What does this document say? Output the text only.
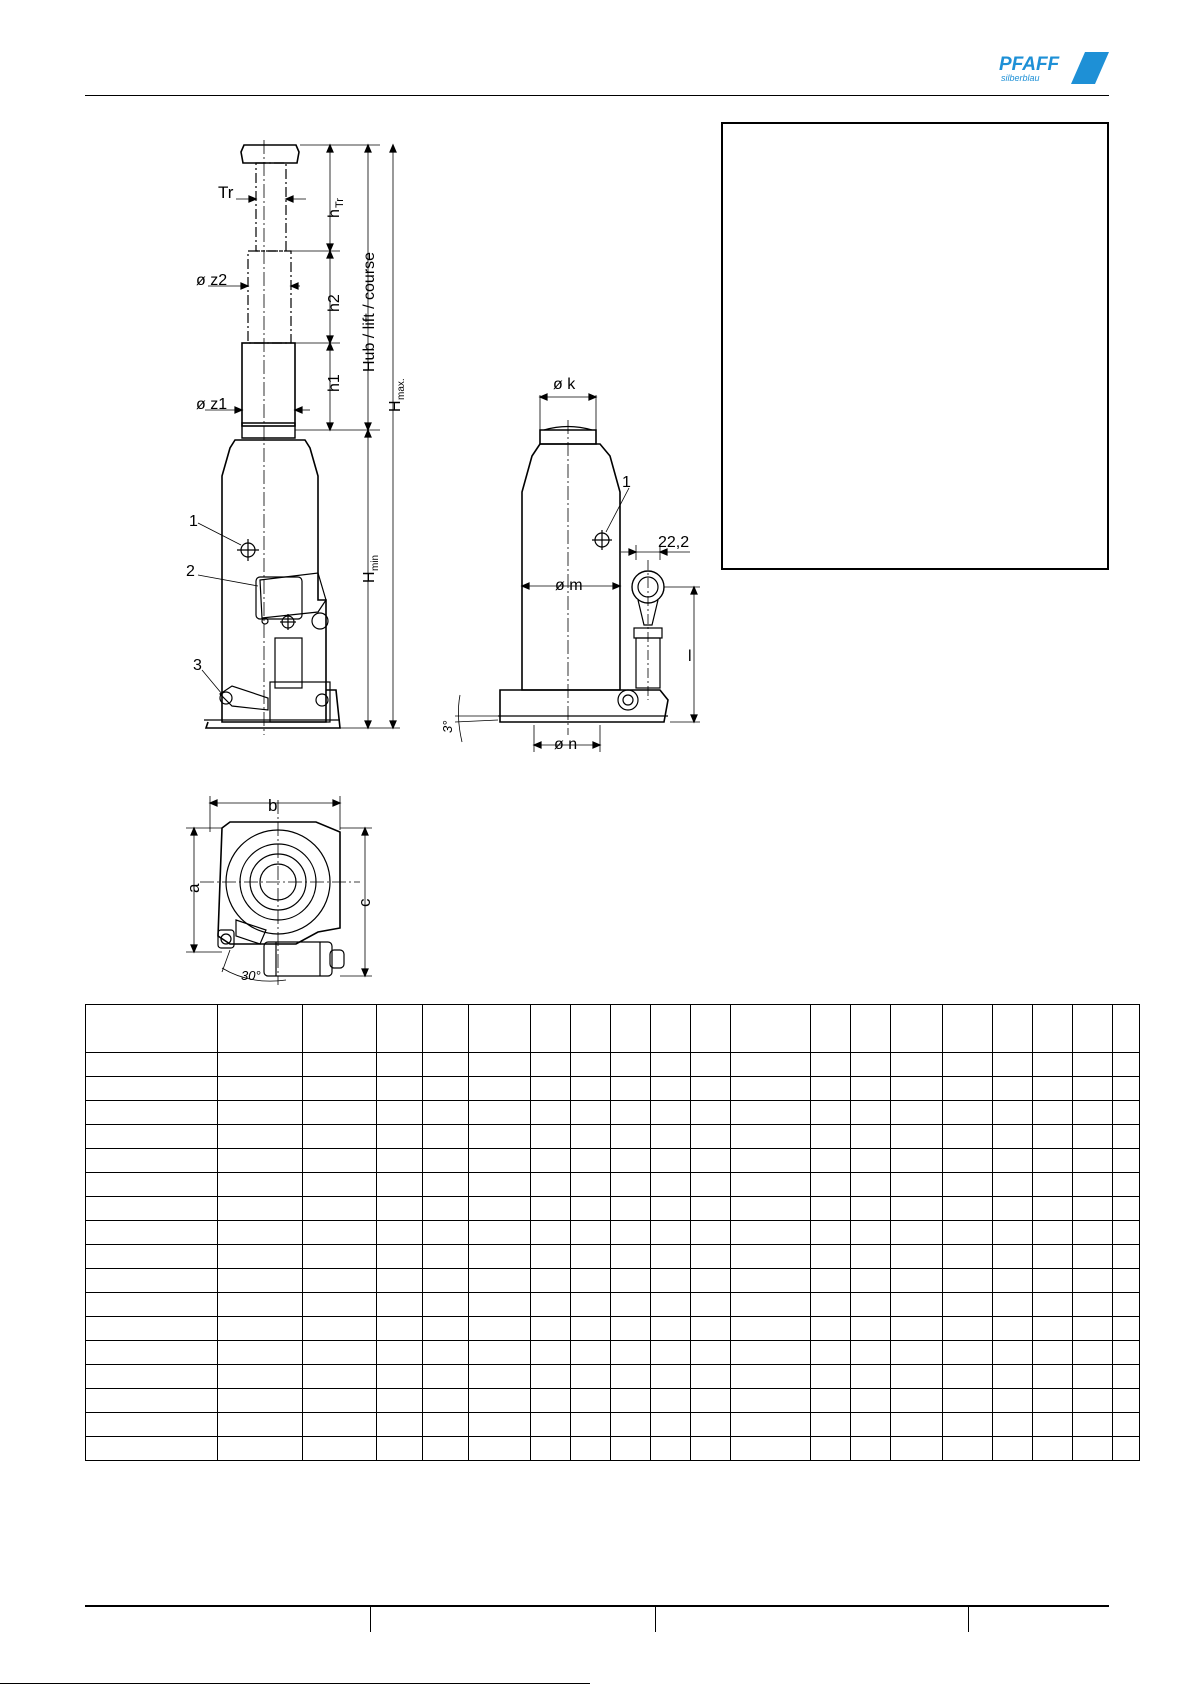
PFAFF
silberblau
Tr
ø z2
ø z1
1
2
3
h
Tr
h2
h1
Hub / lift / course
H
max.
H
min
ø k
ø m
ø n
22,2
1
l
3°
b
a
c
30°
